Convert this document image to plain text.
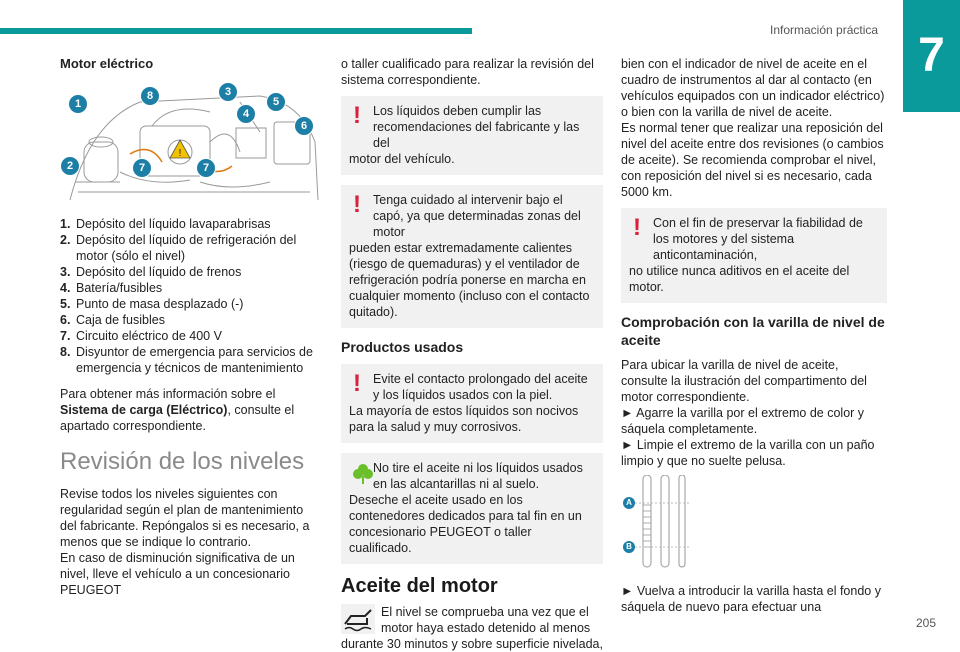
Información práctica 7
Motor eléctrico
!
1
2
8	3
4
5
6
7	7
1. Depósito del líquido lavaparabrisas
2. Depósito del líquido de refrigeración del motor (sólo el nivel)
3. Depósito del líquido de frenos
4. Batería/fusibles
5. Punto de masa desplazado (-)
6. Caja de fusibles
7. Circuito eléctrico de 400 V
8. Disyuntor de emergencia para servicios de emergencia y técnicos de mantenimiento

Para obtener más información sobre el Sistema de carga (Eléctrico), consulte el apartado correspondiente.

Revisión de los niveles

Revise todos los niveles siguientes con regularidad según el plan de mantenimiento del fabricante. Repóngalos si es necesario, a menos que se indique lo contrario.

En caso de disminución significativa de un nivel, lleve el vehículo a un concesionario PEUGEOT

o taller cualificado para realizar la revisión del sistema correspondiente.

! Los líquidos deben cumplir las recomendaciones del fabricante y las del
motor del vehículo.
! Tenga cuidado al intervenir bajo el capó, ya que determinadas zonas del motor
pueden estar extremadamente calientes (riesgo de quemaduras) y el ventilador de refrigeración podría ponerse en marcha en cualquier momento (incluso con el contacto quitado).
Productos usados
! Evite el contacto prolongado del aceite y los líquidos usados con la piel.
La mayoría de estos líquidos son nocivos para la salud y muy corrosivos.
No tire el aceite ni los líquidos usados en las alcantarillas ni al suelo.
Deseche el aceite usado en los contenedores dedicados para tal fin en un concesionario PEUGEOT o taller cualificado.
Aceite del motor
El nivel se comprueba una vez que el motor haya estado detenido al menos
durante 30 minutos y sobre superficie nivelada,

bien con el indicador de nivel de aceite en el cuadro de instrumentos al dar al contacto (en vehículos equipados con un indicador eléctrico) o bien con la varilla de nivel de aceite.

Es normal tener que realizar una reposición del nivel del aceite entre dos revisiones (o cambios de aceite). Se recomienda comprobar el nivel, con reposición del nivel si es necesario, cada 5000 km.

! Con el fin de preservar la fiabilidad de los motores y del sistema anticontaminación,
no utilice nunca aditivos en el aceite del motor.
Comprobación con la varilla de nivel de aceite

Para ubicar la varilla de nivel de aceite, consulte la ilustración del compartimento del motor correspondiente.

► Agarre la varilla por el extremo de color y sáquela completamente.

► Limpie el extremo de la varilla con un paño limpio y que no suelte pelusa.

A
B

► Vuelva a introducir la varilla hasta el fondo y sáquela de nuevo para efectuar una

205
